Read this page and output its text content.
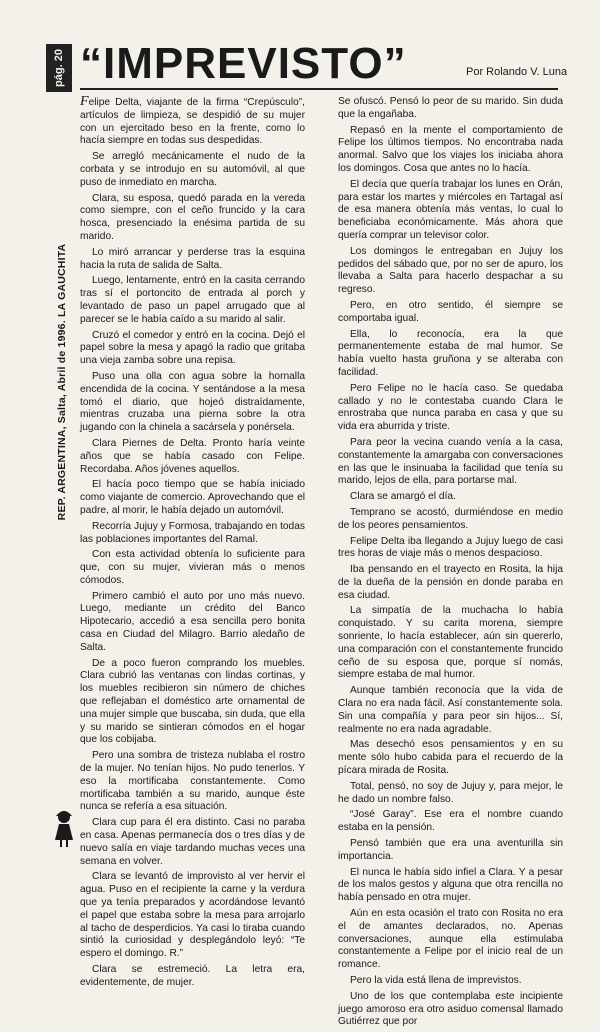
pág. 20
REP. ARGENTINA, Salta, Abril de 1996. LA GAUCHITA
“IMPREVISTO”	Por Rolando V. Luna

Felipe Delta, viajante de la firma “Crepúsculo”, artículos de limpieza, se despidió de su mujer con un ejercitado beso en la frente, como lo hacía siempre en todas sus despedidas.

Se arregló mecánicamente el nudo de la corbata y se introdujo en su automóvil, al que puso de inmediato en marcha.

Clara, su esposa, quedó parada en la vereda como siempre, con el ceño fruncido y la cara hosca, presenciado la enésima partida de su marido.

Lo miró arrancar y perderse tras la esquina hacia la ruta de salida de Salta.

Luego, lentamente, entró en la casita cerrando tras sí el portoncito de entrada al porch y levantado de paso un papel arrugado que al parecer se le había caído a su marido al salir.

Cruzó el comedor y entró en la cocina. Dejó el papel sobre la mesa y apagó la radio que gritaba una vieja zamba sobre una repisa.

Puso una olla con agua sobre la hornalla encendida de la cocina. Y sentándose a la mesa tomó el diario, que hojeó distraídamente, mientras cruzaba una pierna sobre la otra jugando con la chinela a sacársela y ponérsela.

Clara Piernes de Delta. Pronto haría veinte años que se había casado con Felipe. Recordaba. Años jóvenes aquellos.

El hacía poco tiempo que se había iniciado como viajante de comercio. Aprovechando que el padre, al morir, le había dejado un automóvil.

Recorría Jujuy y Formosa, trabajando en todas las poblaciones importantes del Ramal.

Con esta actividad obtenía lo suficiente para que, con su mujer, vivieran más o menos cómodos.

Primero cambió el auto por uno más nuevo. Luego, mediante un crédito del Banco Hipotecario, accedió a esa sencilla pero bonita casa en Ciudad del Milagro. Barrio aledaño de Salta.

De a poco fueron comprando los muebles. Clara cubrió las ventanas con lindas cortinas, y los muebles recibieron sin número de chiches que reflejaban el doméstico arte ornamental de una mujer simple que buscaba, sin duda, que ella y su marido se sintieran cómodos en el hogar que los cobijaba.

Pero una sombra de tristeza nublaba el rostro de la mujer. No tenían hijos. No pudo tenerlos. Y eso la mortificaba constantemente. Como mortificaba también a su marido, aunque éste nunca se refería a esa situación.

Clara cup para él era distinto. Casi no paraba en casa. Apenas permanecía dos o tres días y de nuevo salía en viaje tardando muchas veces una semana en volver.

Clara se levantó de improvisto al ver hervir el agua. Puso en el recipiente la carne y la verdura que ya tenía preparados y acordándose levantó el papel que estaba sobre la mesa para arrojarlo al tacho de desperdicios. Ya casi lo tiraba cuando sintió la curiosidad y desplegándolo leyó: “Te espero el domingo. R.”

Clara se estremeció. La letra era, evidentemente, de mujer.

Se ofuscó. Pensó lo peor de su marido. Sin duda que la engañaba.

Repasó en la mente el comportamiento de Felipe los últimos tiempos. No encontraba nada anormal. Salvo que los viajes los iniciaba ahora los domingos. Cosa que antes no lo hacía.

El decía que quería trabajar los lunes en Orán, para estar los martes y miércoles en Tartagal así de esa manera obtenía más ventas, lo cual lo beneficiaba económicamente. Más ahora que quería comprar un televisor color.

Los domingos le entregaban en Jujuy los pedidos del sábado que, por no ser de apuro, los llevaba a Salta para hacerlo despachar a su regreso.

Pero, en otro sentido, él siempre se comportaba igual.

Ella, lo reconocía, era la que permanentemente estaba de mal humor. Se había vuelto hasta gruñona y se alteraba con facilidad.

Pero Felipe no le hacía caso. Se quedaba callado y no le contestaba cuando Clara le enrostraba que nunca paraba en casa y que su vida era aburrida y triste.

Para peor la vecina cuando venía a la casa, constantemente la amargaba con conversaciones en las que le insinuaba la facilidad que tenía su marido, lejos de ella, para portarse mal.

Clara se amargó el día.

Temprano se acostó, durmiéndose en medio de los peores pensamientos.

Felipe Delta iba llegando a Jujuy luego de casi tres horas de viaje más o menos despacioso.

Iba pensando en el trayecto en Rosita, la hija de la dueña de la pensión en donde paraba en esa ciudad.

La simpatía de la muchacha lo había conquistado. Y su carita morena, siempre sonriente, lo hacía establecer, aún sin quererlo, una comparación con el constantemente fruncido ceño de su esposa que, porque sí nomás, siempre estaba de mal humor.

Aunque también reconocía que la vida de Clara no era nada fácil. Así constantemente sola. Sin una compañía y para peor sin hijos... Sí, realmente no era nada agradable.

Mas desechó esos pensamientos y en su mente sólo hubo cabida para el recuerdo de la pícara mirada de Rosita.

Total, pensó, no soy de Jujuy y, para mejor, le he dado un nombre falso.

“José Garay”. Ese era el nombre cuando estaba en la pensión.

Pensó también que era una aventurilla sin importancia.

El nunca le había sido infiel a Clara. Y a pesar de los malos gestos y alguna que otra rencilla no había pensado en otra mujer.

Aún en esta ocasión el trato con Rosita no era el de amantes declarados, no. Apenas conversaciones, aunque ella estimulaba constantemente a Felipe por el inicio real de un romance.

Pero la vida está llena de imprevistos.

Uno de los que contemplaba este incipiente juego amoroso era otro asiduo comensal llamado Gutiérrez que por
